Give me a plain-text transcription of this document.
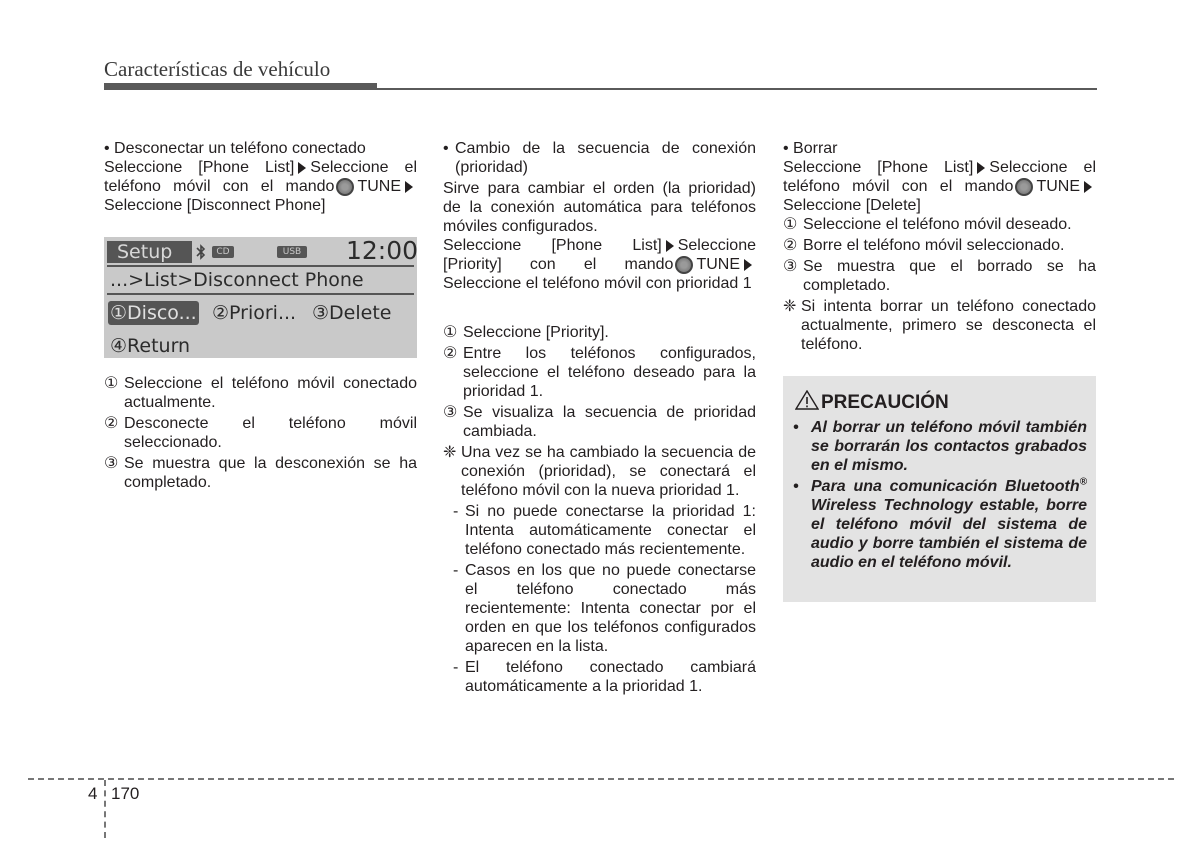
Características de vehículo

• Desconectar un teléfono conectado

Seleccione [Phone List] Seleccione el teléfono móvil con el mando TUNESeleccione [Disconnect Phone]

Setup	CD	USB 12:00
...>List>Disconnect Phone
①Disco... ②Priori... ③Delete
④Return
① Seleccione el teléfono móvil conectado actualmente.
② Desconecte el teléfono móvil seleccionado.
③ Se muestra que la desconexión se ha completado.
• Cambio de la secuencia de conexión (prioridad)

Sirve para cambiar el orden (la prioridad) de la conexión automática para teléfonos móviles configurados.

Seleccione [Phone List] Seleccione [Priority] con el mando TUNESeleccione el teléfono móvil con prioridad 1

① Seleccione [Priority].
② Entre los teléfonos configurados, seleccione el teléfono deseado para la prioridad 1.
③ Se visualiza la secuencia de prioridad cambiada.
❈ Una vez se ha cambiado la secuencia de conexión (prioridad), se conectará el teléfono móvil con la nueva prioridad 1.
- Si no puede conectarse la prioridad 1: Intenta automáticamente conectar el teléfono conectado más recientemente.
- Casos en los que no puede conectarse el teléfono conectado más recientemente: Intenta conectar por el orden en que los teléfonos configurados aparecen en la lista.
- El teléfono conectado cambiará automáticamente a la prioridad 1.

• Borrar

Seleccione [Phone List] Seleccione el teléfono móvil con el mando TUNESeleccione [Delete]

① Seleccione el teléfono móvil deseado.
② Borre el teléfono móvil seleccionado.
③ Se muestra que el borrado se ha completado.
❈ Si intenta borrar un teléfono conectado actualmente, primero se desconecta el teléfono.
PRECAUCIÓN
• Al borrar un teléfono móvil también se borrarán los contactos grabados en el mismo.
• Para una comunicación Bluetooth® Wireless Technology estable, borre el teléfono móvil del sistema de audio y borre también el sistema de audio en el teléfono móvil.
4 170
